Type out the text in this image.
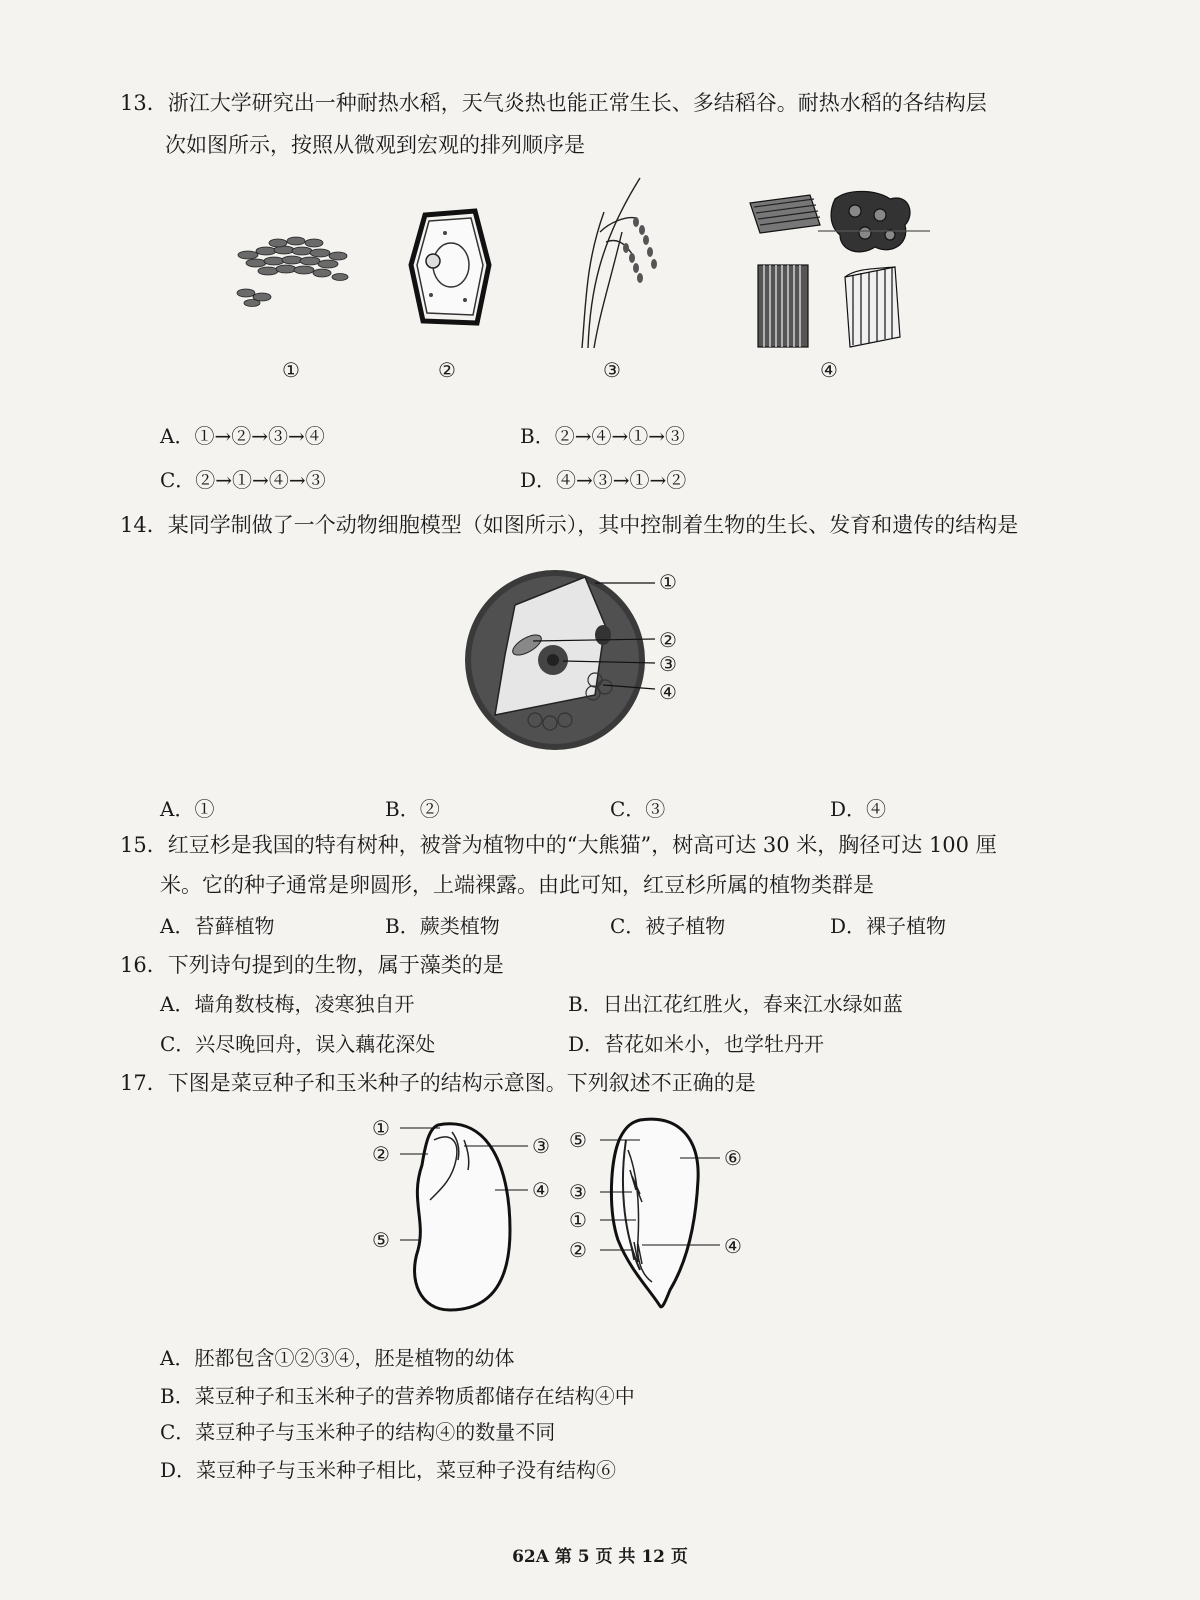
13．浙江大学研究出一种耐热水稻，天气炎热也能正常生长、多结稻谷。耐热水稻的各结构层
次如图所示，按照从微观到宏观的排列顺序是
①	②	③	④
A．①→②→③→④	B．②→④→①→③
C．②→①→④→③	D．④→③→①→②
14．某同学制做了一个动物细胞模型（如图所示），其中控制着生物的生长、发育和遗传的结构是
①
②
③
④
A．①	B．②	C．③	D．④
15．红豆杉是我国的特有树种，被誉为植物中的“大熊猫”，树高可达 30 米，胸径可达 100 厘
米。它的种子通常是卵圆形，上端裸露。由此可知，红豆杉所属的植物类群是
A．苔藓植物	B．蕨类植物	C．被子植物	D．裸子植物
16．下列诗句提到的生物，属于藻类的是
A．墙角数枝梅，凌寒独自开	B．日出江花红胜火，春来江水绿如蓝
C．兴尽晚回舟，误入藕花深处	D．苔花如米小，也学牡丹开
17．下图是菜豆种子和玉米种子的结构示意图。下列叙述不正确的是
①
②	③
④
⑤
⑤
⑥
③
①
②	④
A．胚都包含①②③④，胚是植物的幼体
B．菜豆种子和玉米种子的营养物质都储存在结构④中
C．菜豆种子与玉米种子的结构④的数量不同
D．菜豆种子与玉米种子相比，菜豆种子没有结构⑥
62A 第 5 页 共 12 页
